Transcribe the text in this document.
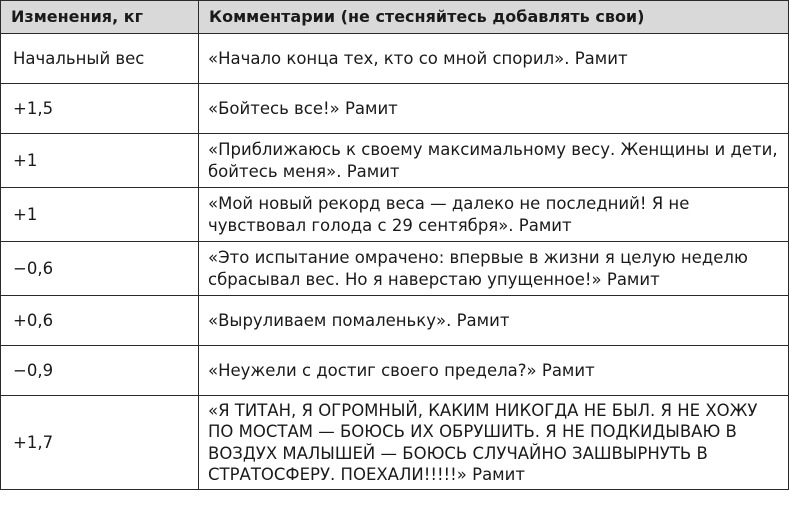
Изменения, кг	Комментарии (не стесняйтесь добавлять свои)
Начальный вес	«Начало конца тех, кто со мной спорил». Рамит
+1,5	«Бойтесь все!» Рамит
+1	«Приближаюсь к своему максимальному весу. Женщины и дети, бойтесь меня». Рамит
+1	«Мой новый рекорд веса — далеко не последний! Я не чувствовал голода с 29 сентября». Рамит
−0,6	«Это испытание омрачено: впервые в жизни я целую неделю сбрасывал вес. Но я наверстаю упущенное!» Рамит
+0,6	«Выруливаем помаленьку». Рамит
−0,9	«Неужели с достиг своего предела?» Рамит
+1,7	«Я ТИТАН, Я ОГРОМНЫЙ, КАКИМ НИКОГДА НЕ БЫЛ. Я НЕ ХОЖУ ПО МОСТАМ — БОЮСЬ ИХ ОБРУШИТЬ. Я НЕ ПОДКИДЫВАЮ В ВОЗДУХ МАЛЫШЕЙ — БОЮСЬ СЛУЧАЙНО ЗАШВЫРНУТЬ В СТРАТОСФЕРУ. ПОЕХАЛИ!!!!!» Рамит
